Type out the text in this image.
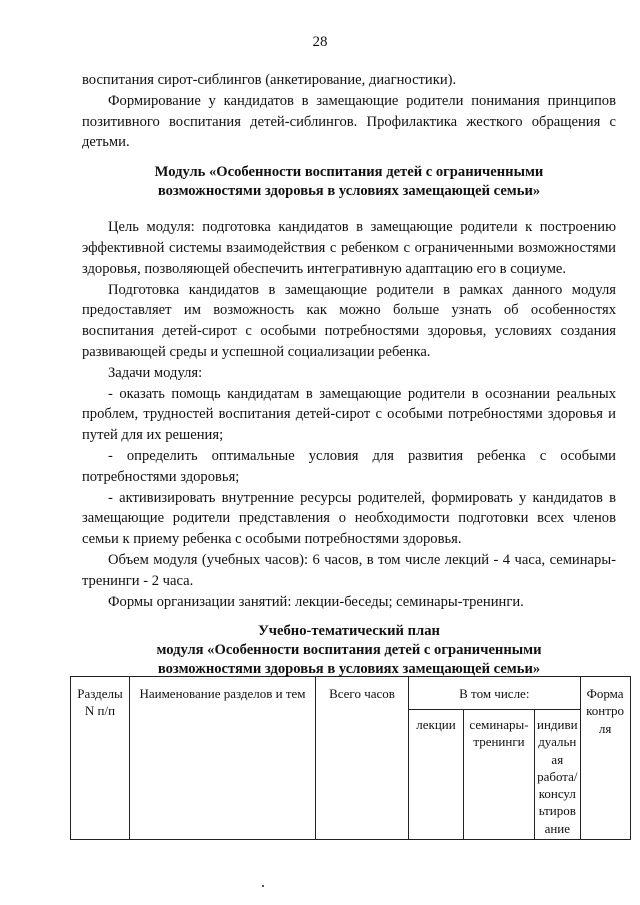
28

воспитания сирот-сиблингов (анкетирование, диагностики).

Формирование у кандидатов в замещающие родители понимания принципов позитивного воспитания детей-сиблингов. Профилактика жесткого обращения с детьми.

Модуль «Особенности воспитания детей с ограниченными

возможностями здоровья в условиях замещающей семьи»

Цель модуля: подготовка кандидатов в замещающие родители к построению эффективной системы взаимодействия с ребенком с ограниченными возможностями здоровья, позволяющей обеспечить интегративную адаптацию его в социуме.

Подготовка кандидатов в замещающие родители в рамках данного модуля предоставляет им возможность как можно больше узнать об особенностях воспитания детей-сирот с особыми потребностями здоровья, условиях создания развивающей среды и успешной социализации ребенка.

Задачи модуля:

- оказать помощь кандидатам в замещающие родители в осознании реальных проблем, трудностей воспитания детей-сирот с особыми потребностями здоровья и путей для их решения;

- определить оптимальные условия для развития ребенка с особыми потребностями здоровья;

- активизировать внутренние ресурсы родителей, формировать у кандидатов в замещающие родители представления о необходимости подготовки всех членов семьи к приему ребенка с особыми потребностями здоровья.

Объем модуля (учебных часов): 6 часов, в том числе лекций - 4 часа, семинары-тренинги - 2 часа.

Формы организации занятий: лекции-беседы; семинары-тренинги.

Учебно-тематический план

модуля «Особенности воспитания детей с ограниченными

возможностями здоровья в условиях замещающей семьи»

Разделы N п/п	Наименование разделов и тем	Всего часов	В том числе:			Форма контро ля
			лекции	семинары-тренинги	индиви дуальн ая работа/ консул ьтиров ание	
